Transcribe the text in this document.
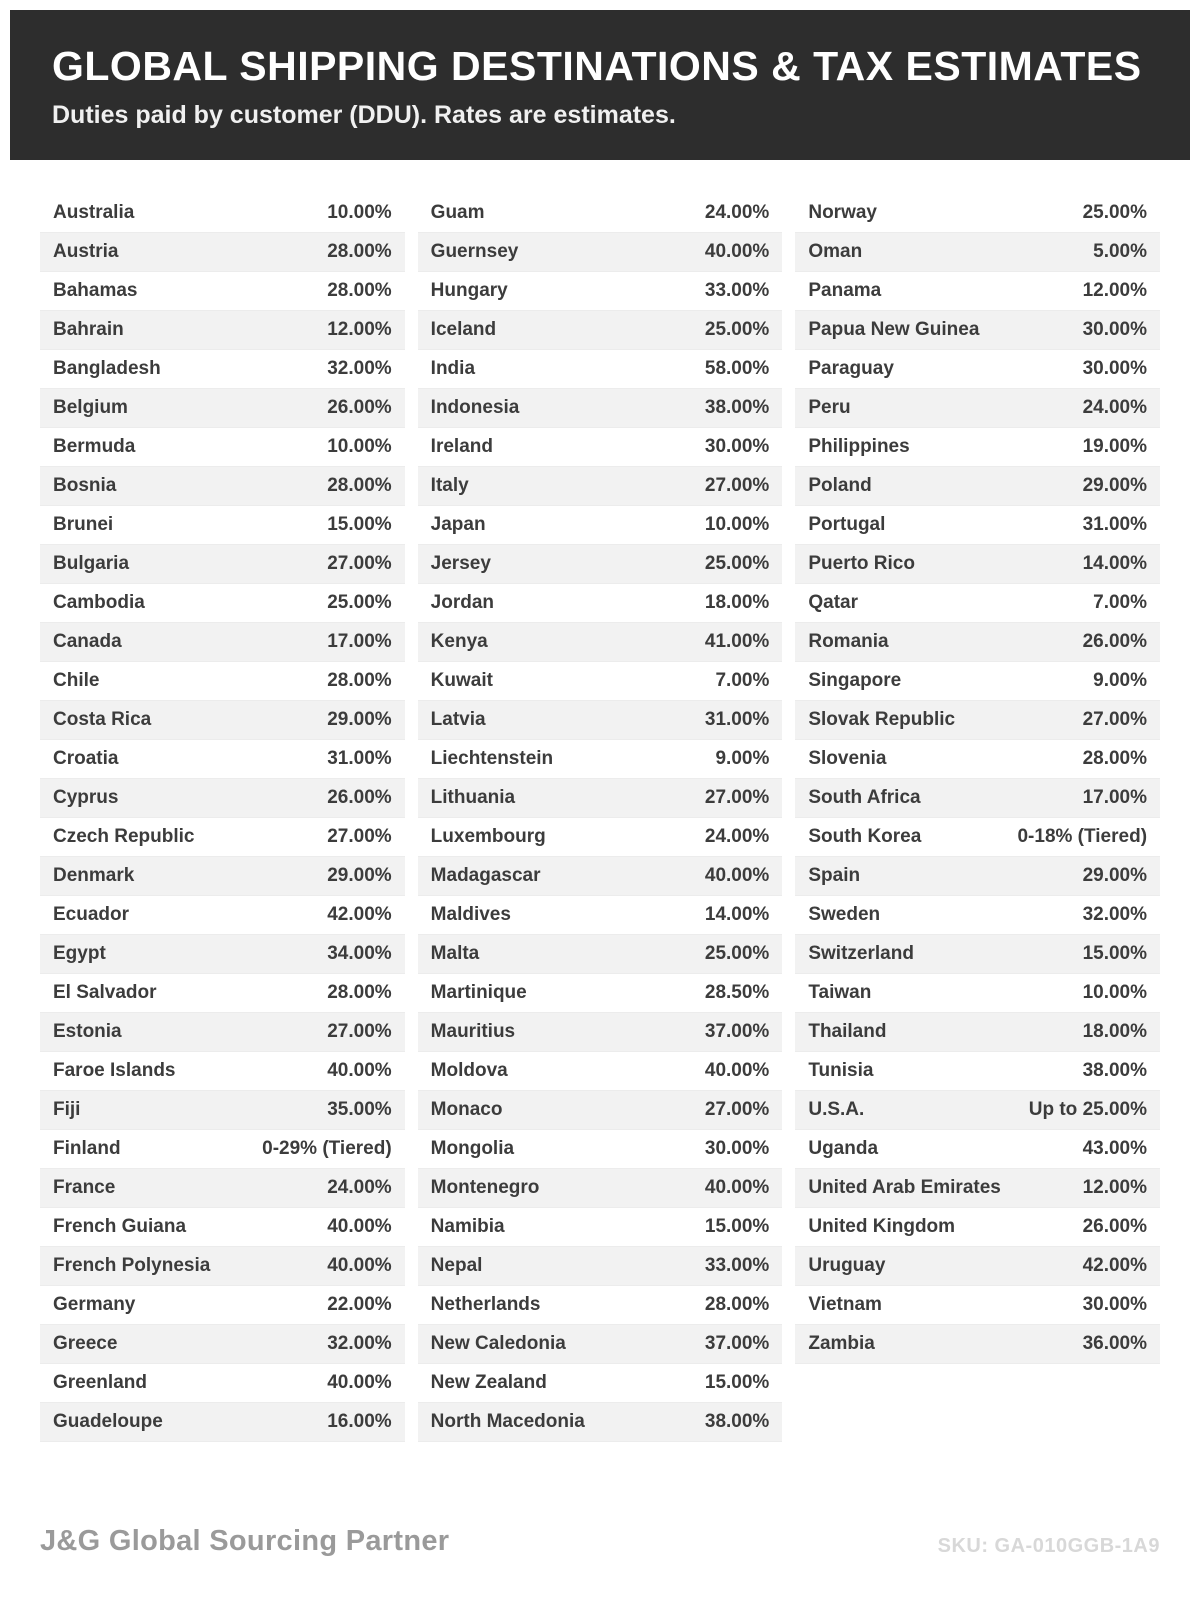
GLOBAL SHIPPING DESTINATIONS & TAX ESTIMATES
Duties paid by customer (DDU). Rates are estimates.
Australia	10.00%
Austria	28.00%
Bahamas	28.00%
Bahrain	12.00%
Bangladesh	32.00%
Belgium	26.00%
Bermuda	10.00%
Bosnia	28.00%
Brunei	15.00%
Bulgaria	27.00%
Cambodia	25.00%
Canada	17.00%
Chile	28.00%
Costa Rica	29.00%
Croatia	31.00%
Cyprus	26.00%
Czech Republic	27.00%
Denmark	29.00%
Ecuador	42.00%
Egypt	34.00%
El Salvador	28.00%
Estonia	27.00%
Faroe Islands	40.00%
Fiji	35.00%
Finland	0-29% (Tiered)
France	24.00%
French Guiana	40.00%
French Polynesia	40.00%
Germany	22.00%
Greece	32.00%
Greenland	40.00%
Guadeloupe	16.00%
Guam	24.00%
Guernsey	40.00%
Hungary	33.00%
Iceland	25.00%
India	58.00%
Indonesia	38.00%
Ireland	30.00%
Italy	27.00%
Japan	10.00%
Jersey	25.00%
Jordan	18.00%
Kenya	41.00%
Kuwait	7.00%
Latvia	31.00%
Liechtenstein	9.00%
Lithuania	27.00%
Luxembourg	24.00%
Madagascar	40.00%
Maldives	14.00%
Malta	25.00%
Martinique	28.50%
Mauritius	37.00%
Moldova	40.00%
Monaco	27.00%
Mongolia	30.00%
Montenegro	40.00%
Namibia	15.00%
Nepal	33.00%
Netherlands	28.00%
New Caledonia	37.00%
New Zealand	15.00%
North Macedonia	38.00%
Norway	25.00%
Oman	5.00%
Panama	12.00%
Papua New Guinea	30.00%
Paraguay	30.00%
Peru	24.00%
Philippines	19.00%
Poland	29.00%
Portugal	31.00%
Puerto Rico	14.00%
Qatar	7.00%
Romania	26.00%
Singapore	9.00%
Slovak Republic	27.00%
Slovenia	28.00%
South Africa	17.00%
South Korea	0-18% (Tiered)
Spain	29.00%
Sweden	32.00%
Switzerland	15.00%
Taiwan	10.00%
Thailand	18.00%
Tunisia	38.00%
U.S.A.	Up to 25.00%
Uganda	43.00%
United Arab Emirates	12.00%
United Kingdom	26.00%
Uruguay	42.00%
Vietnam	30.00%
Zambia	36.00%
J&G Global Sourcing Partner	SKU: GA-010GGB-1A9
